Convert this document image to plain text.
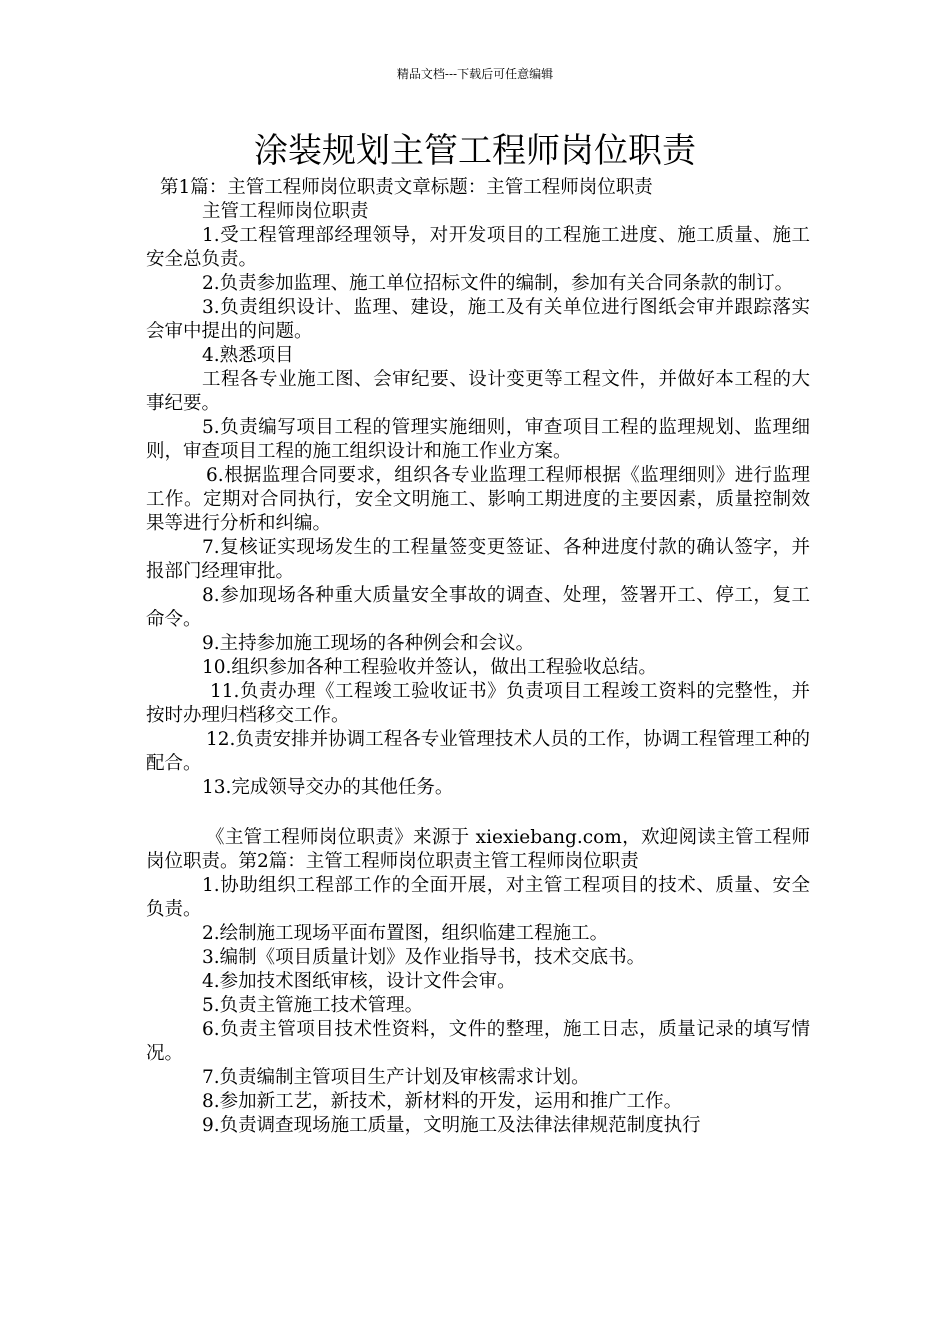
精品文档---下载后可任意编辑
涂装规划主管工程师岗位职责

第1篇：主管工程师岗位职责文章标题：主管工程师岗位职责

主管工程师岗位职责

1.受工程管理部经理领导，对开发项目的工程施工进度、施工质量、施工安全总负责。

2.负责参加监理、施工单位招标文件的编制，参加有关合同条款的制订。

3.负责组织设计、监理、建设，施工及有关单位进行图纸会审并跟踪落实会审中提出的问题。

4.熟悉项目

工程各专业施工图、会审纪要、设计变更等工程文件，并做好本工程的大事纪要。

5.负责编写项目工程的管理实施细则，审查项目工程的监理规划、监理细则，审查项目工程的施工组织设计和施工作业方案。

6.根据监理合同要求，组织各专业监理工程师根据《监理细则》进行监理工作。定期对合同执行，安全文明施工、影响工期进度的主要因素，质量控制效果等进行分析和纠编。

7.复核证实现场发生的工程量签变更签证、各种进度付款的确认签字，并报部门经理审批。

8.参加现场各种重大质量安全事故的调查、处理，签署开工、停工，复工命令。

9.主持参加施工现场的各种例会和会议。

10.组织参加各种工程验收并签认，做出工程验收总结。

11.负责办理《工程竣工验收证书》负责项目工程竣工资料的完整性，并按时办理归档移交工作。

12.负责安排并协调工程各专业管理技术人员的工作，协调工程管理工种的配合。

13.完成领导交办的其他任务。

《主管工程师岗位职责》来源于 xiexiebang.com，欢迎阅读主管工程师岗位职责。第2篇：主管工程师岗位职责主管工程师岗位职责

1.协助组织工程部工作的全面开展，对主管工程项目的技术、质量、安全负责。

2.绘制施工现场平面布置图，组织临建工程施工。

3.编制《项目质量计划》及作业指导书，技术交底书。

4.参加技术图纸审核，设计文件会审。

5.负责主管施工技术管理。

6.负责主管项目技术性资料，文件的整理，施工日志，质量记录的填写情况。

7.负责编制主管项目生产计划及审核需求计划。

8.参加新工艺，新技术，新材料的开发，运用和推广工作。

9.负责调查现场施工质量，文明施工及法律法律规范制度执行
